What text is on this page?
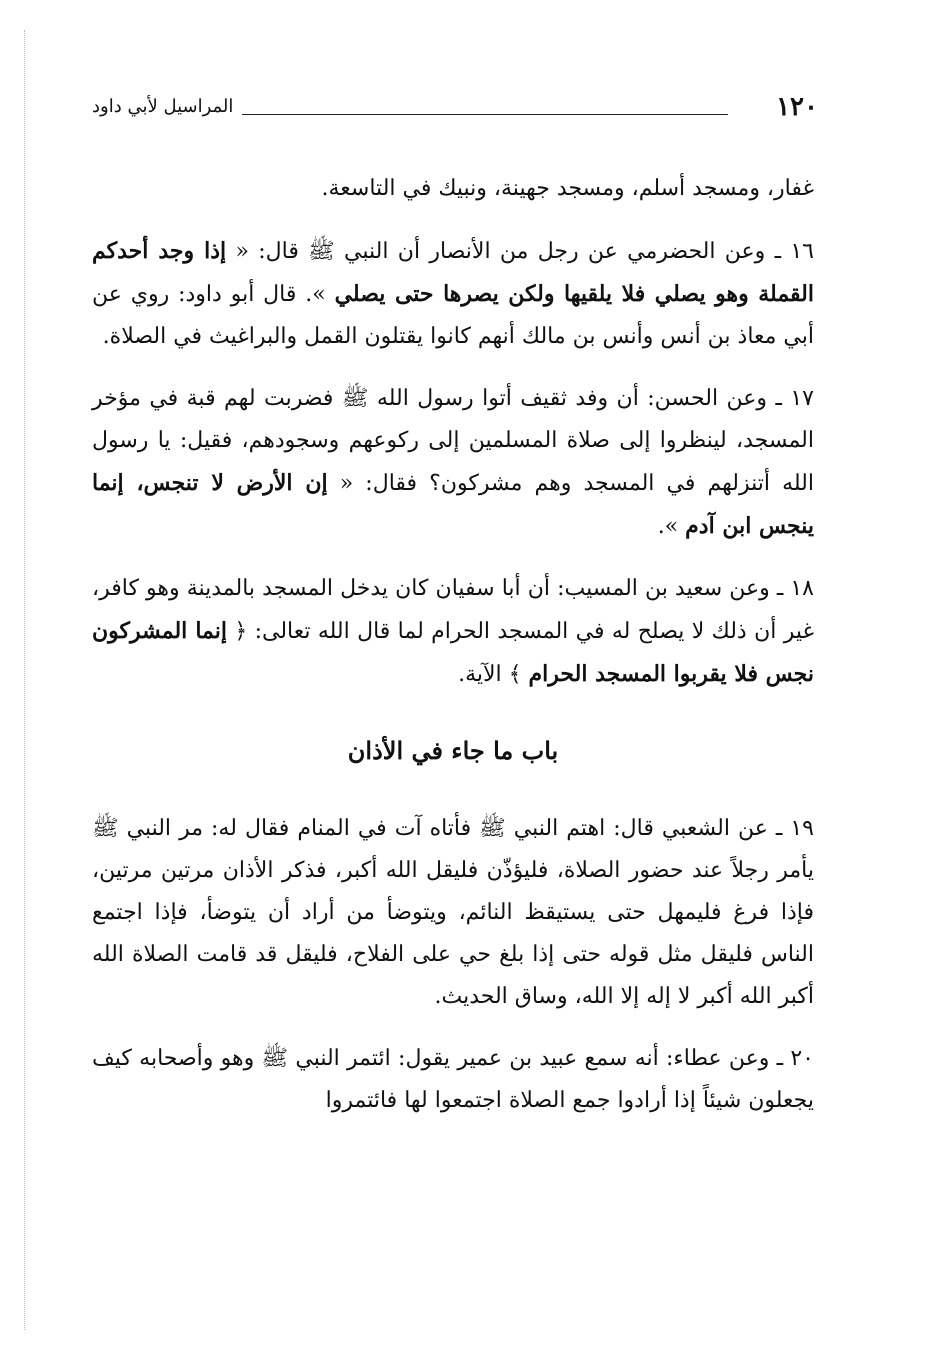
١٢٠
المراسيل لأبي داود

غفار، ومسجد أسلم، ومسجد جهينة، ونبيك في التاسعة.

١٦ ـ وعن الحضرمي عن رجل من الأنصار أن النبي ﷺ قال: « إذا وجد أحدكم القملة وهو يصلي فلا يلقيها ولكن يصرها حتى يصلي ». قال أبو داود: روي عن أبي معاذ بن أنس وأنس بن مالك أنهم كانوا يقتلون القمل والبراغيث في الصلاة.

١٧ ـ وعن الحسن: أن وفد ثقيف أتوا رسول الله ﷺ فضربت لهم قبة في مؤخر المسجد، لينظروا إلى صلاة المسلمين إلى ركوعهم وسجودهم، فقيل: يا رسول الله أتنزلهم في المسجد وهم مشركون؟ فقال: « إن الأرض لا تنجس، إنما ينجس ابن آدم ».

١٨ ـ وعن سعيد بن المسيب: أن أبا سفيان كان يدخل المسجد بالمدينة وهو كافر، غير أن ذلك لا يصلح له في المسجد الحرام لما قال الله تعالى: ﴿ إنما المشركون نجس فلا يقربوا المسجد الحرام ﴾ الآية.

باب ما جاء في الأذان

١٩ ـ عن الشعبي قال: اهتم النبي ﷺ فأتاه آت في المنام فقال له: مر النبي ﷺ يأمر رجلاً عند حضور الصلاة، فليؤذّن فليقل الله أكبر، فذكر الأذان مرتين مرتين، فإذا فرغ فليمهل حتى يستيقظ النائم، ويتوضأ من أراد أن يتوضأ، فإذا اجتمع الناس فليقل مثل قوله حتى إذا بلغ حي على الفلاح، فليقل قد قامت الصلاة الله أكبر الله أكبر لا إله إلا الله، وساق الحديث.

٢٠ ـ وعن عطاء: أنه سمع عبيد بن عمير يقول: ائتمر النبي ﷺ وهو وأصحابه كيف يجعلون شيئاً إذا أرادوا جمع الصلاة اجتمعوا لها فائتمروا
